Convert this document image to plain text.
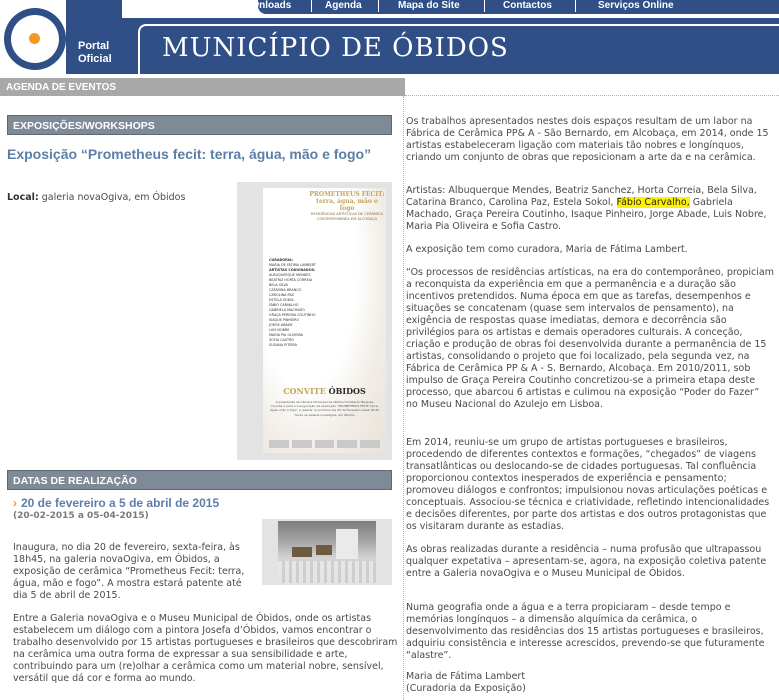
Portal
Oficial MUNICÍPIO DE ÓBIDOS
Início	Downloads	Agenda	Mapa do Site	Contactos	Serviços Online
AGENDA DE EVENTOS
EXPOSIÇÕES/WORKSHOPS
Exposição “Prometheus fecit: terra, água, mão e fogo”
Local: galeria novaOgiva, em Óbidos	PROMETHEUS FECIT: terra, água, mão e fogo
RESIDÊNCIAS ARTÍSTICAS DE CERÂMICA CONTEMPORÂNEA EM ALCOBAÇA
CURADORIA:
MARIA DE FÁTIMA LAMBERT
ARTISTAS CONVIDADOS:
ALBUQUERQUE MENDES
BEATRIZ HORTA CORREIA
BELA SILVA
CATARINA BRANCO
CAROLINA PAZ
ESTELA SOKOL
FÁBIO CARVALHO
GABRIELA MACHADO
GRAÇA PEREIRA COUTINHO
ISAQUE PINHEIRO
JORGE ABADE
LUIS NOBRE
MARIA PIA OLIVEIRA
SOFIA CASTRO
SUSANA PITEIRA
CONVITE ÓBIDOS
O presidente da Câmara Municipal de Óbidos Humberto Marques convida-o para a inauguração da exposição “PROMETHEUS FECIT: terra, água, mão e fogo” a realizar no próximo dia 20 de Fevereiro pelas 18:45 horas na Galeria novaOgiva, em Óbidos
DATAS DE REALIZAÇÃO
› 20 de fevereiro a 5 de abril de 2015
(20-02-2015 a 05-04-2015)
Inaugura, no dia 20 de fevereiro, sexta-feira, às 18h45, na galeria novaOgiva, em Óbidos, a exposição de cerâmica “Prometheus Fecit: terra, água, mão e fogo”. A mostra estará patente até dia 5 de abril de 2015.
Entre a Galeria novaOgiva e o Museu Municipal de Óbidos, onde os artistas estabelecem um diálogo com a pintora Josefa d’Óbidos, vamos encontrar o trabalho desenvolvido por 15 artistas portugueses e brasileiros que descobriram na cerâmica uma outra forma de expressar a sua sensibilidade e arte, contribuindo para um (re)olhar a cerâmica como um material nobre, sensível, versátil que dá cor e forma ao mundo.
Os trabalhos apresentados nestes dois espaços resultam de um labor na Fábrica de Cerâmica PP& A - São Bernardo, em Alcobaça, em 2014, onde 15 artistas estabeleceram ligação com materiais tão nobres e longínquos, criando um conjunto de obras que reposicionam a arte da e na cerâmica.
Artistas: Albuquerque Mendes, Beatriz Sanchez, Horta Correia, Bela Silva, Catarina Branco, Carolina Paz, Estela Sokol, Fábio Carvalho, Gabriela Machado, Graça Pereira Coutinho, Isaque Pinheiro, Jorge Abade, Luis Nobre, Maria Pia Oliveira e Sofia Castro.
A exposição tem como curadora, Maria de Fátima Lambert.
“Os processos de residências artísticas, na era do contemporâneo, propiciam a reconquista da experiência em que a permanência e a duração são incentivos pretendidos. Numa época em que as tarefas, desempenhos e situações se concatenam (quase sem intervalos de pensamento), na exigência de respostas quase imediatas, demora e decorrência são privilégios para os artistas e demais operadores culturais. A conceção, criação e produção de obras foi desenvolvida durante a permanência de 15 artistas, consolidando o projeto que foi localizado, pela segunda vez, na Fábrica de Cerâmica PP & A - S. Bernardo, Alcobaça. Em 2010/2011, sob impulso de Graça Pereira Coutinho concretizou-se a primeira etapa deste processo, que abarcou 6 artistas e culimou na exposição “Poder do Fazer” no Museu Nacional do Azulejo em Lisboa.
Em 2014, reuniu-se um grupo de artistas portugueses e brasileiros, procedendo de diferentes contextos e formações, “chegados” de viagens transatlânticas ou deslocando-se de cidades portuguesas. Tal confluência proporcionou contextos inesperados de experiência e pensamento; promoveu diálogos e confrontos; impulsionou novas articulações poéticas e conceptuais. Associou-se técnica e criatividade, refletindo intencionalidades e decisões diferentes, por parte dos artistas e dos outros protagonistas que os visitaram durante as estadias.
As obras realizadas durante a residência – numa profusão que ultrapassou qualquer expetativa – apresentam-se, agora, na exposição coletiva patente entre a Galeria novaOgiva e o Museu Municipal de Óbidos.
Numa geografia onde a água e a terra propiciaram – desde tempo e memórias longínquos – a dimensão alquímica da cerâmica, o desenvolvimento das residências dos 15 artistas portugueses e brasileiros, adquiriu consistência e interesse acrescidos, prevendo-se que futuramente “alastre”.
Maria de Fátima Lambert
(Curadoria da Exposição)
